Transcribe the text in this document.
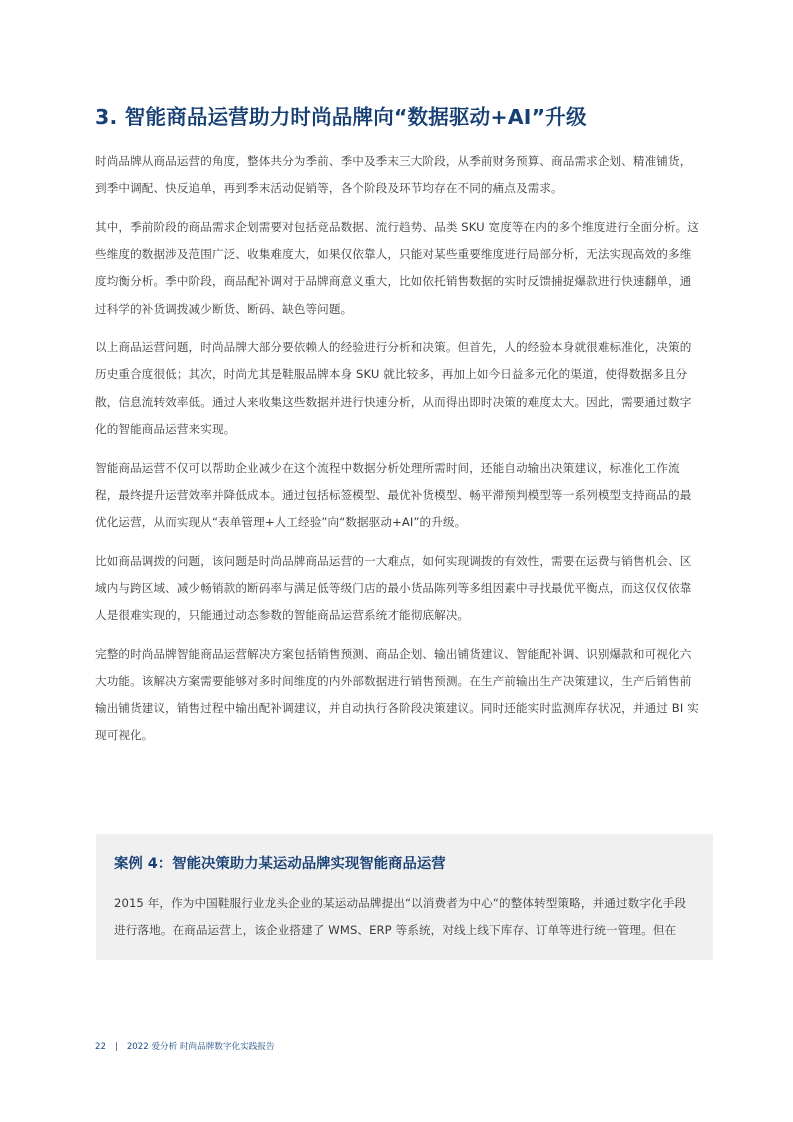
3. 智能商品运营助力时尚品牌向“数据驱动+AI”升级

时尚品牌从商品运营的角度，整体共分为季前、季中及季末三大阶段，从季前财务预算、商品需求企划、精准铺货，到季中调配、快反追单，再到季末活动促销等，各个阶段及环节均存在不同的痛点及需求。

其中，季前阶段的商品需求企划需要对包括竞品数据、流行趋势、品类 SKU 宽度等在内的多个维度进行全面分析。这些维度的数据涉及范围广泛、收集难度大，如果仅依靠人，只能对某些重要维度进行局部分析，无法实现高效的多维度均衡分析。季中阶段，商品配补调对于品牌商意义重大，比如依托销售数据的实时反馈捕捉爆款进行快速翻单，通过科学的补货调拨减少断货、断码、缺色等问题。

以上商品运营问题，时尚品牌大部分要依赖人的经验进行分析和决策。但首先，人的经验本身就很难标准化，决策的历史重合度很低；其次，时尚尤其是鞋服品牌本身 SKU 就比较多，再加上如今日益多元化的渠道，使得数据多且分散，信息流转效率低。通过人来收集这些数据并进行快速分析，从而得出即时决策的难度太大。因此，需要通过数字化的智能商品运营来实现。

智能商品运营不仅可以帮助企业减少在这个流程中数据分析处理所需时间，还能自动输出决策建议，标准化工作流程，最终提升运营效率并降低成本。通过包括标签模型、最优补货模型、畅平滞预判模型等一系列模型支持商品的最优化运营，从而实现从“表单管理+人工经验”向“数据驱动+AI”的升级。

比如商品调拨的问题，该问题是时尚品牌商品运营的一大难点，如何实现调拨的有效性，需要在运费与销售机会、区域内与跨区域、减少畅销款的断码率与满足低等级门店的最小货品陈列等多组因素中寻找最优平衡点，而这仅仅依靠人是很难实现的，只能通过动态参数的智能商品运营系统才能彻底解决。

完整的时尚品牌智能商品运营解决方案包括销售预测、商品企划、输出铺货建议、智能配补调、识别爆款和可视化六大功能。该解决方案需要能够对多时间维度的内外部数据进行销售预测。在生产前输出生产决策建议，生产后销售前输出铺货建议，销售过程中输出配补调建议，并自动执行各阶段决策建议。同时还能实时监测库存状况，并通过 BI 实现可视化。

案例 4：智能决策助力某运动品牌实现智能商品运营

2015 年，作为中国鞋服行业龙头企业的某运动品牌提出“以消费者为中心“的整体转型策略，并通过数字化手段进行落地。在商品运营上，该企业搭建了 WMS、ERP 等系统，对线上线下库存、订单等进行统一管理。但在

22 | 2022 爱分析 时尚品牌数字化实践报告
